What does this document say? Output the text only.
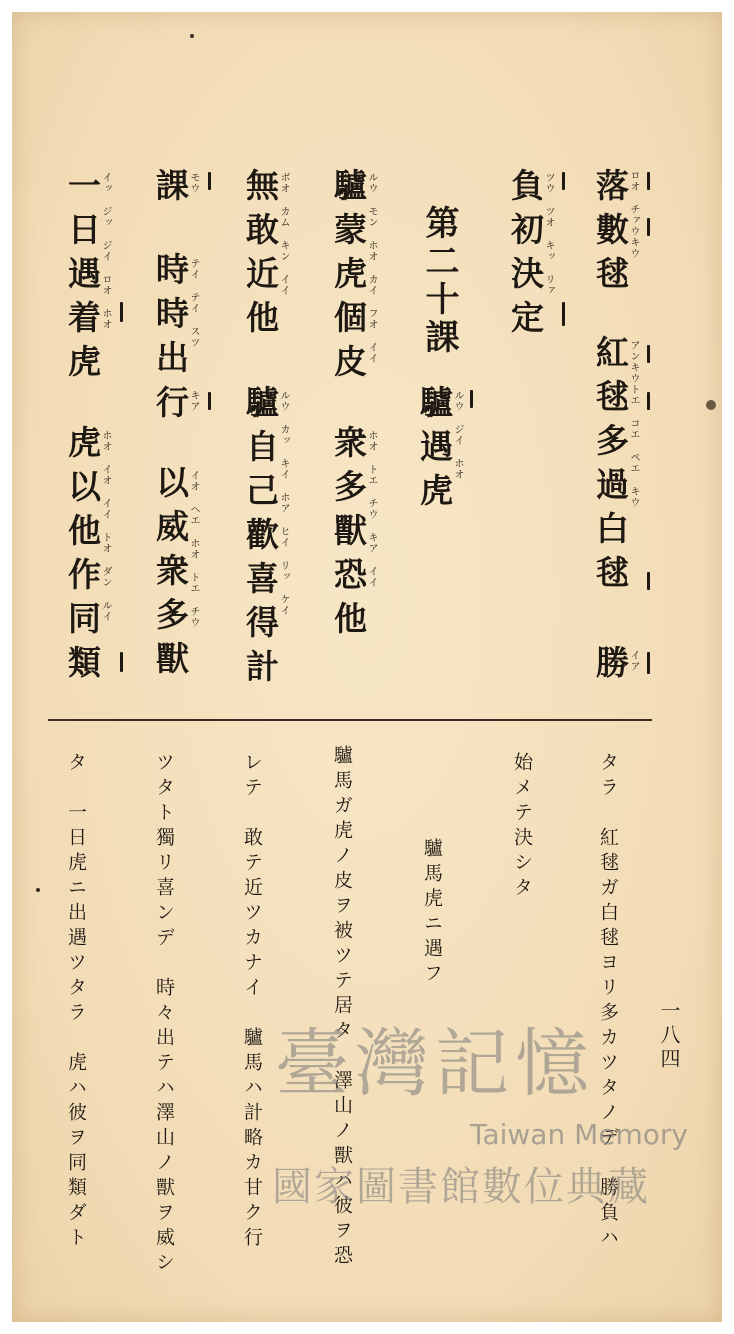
落數毬
紅毬多過白毬
勝
負初決定
第二十課
驢遇虎
驢蒙虎個皮
衆多獸恐他
無敢近他
驢自己歡喜得計
課
時時出
行
以威衆多獸
一日遇着虎
虎以他作同類
ロオ チァウキウ
アンキウトエ コエ ペエ キウ
イア
ツウ ツオ キッ リァ
ルウ モン ホオ カイ フオ イイ
ホオ トエ チウ キア イイ
ボオ カム キン イイ
ルウ カッ キイ ホア ヒイ リッ ケイ
モウ
テイ テイ スツ
キア
イオ ヘエ ホオ トエ チウ
イッ ジッ ジイ ロオ ホオ
ホオ イオ イイ トオ ダン ルイ	ルウ ジイ ホオ
タラ　紅毬ガ白毬ヨリ多カツタノデ　勝負ハ
始メテ決シタ
驢馬虎ニ遇フ
驢馬ガ虎ノ皮ヲ被ツテ居タ　澤山ノ獸ハ彼ヲ恐
レテ　敢テ近ツカナイ　驢馬ハ計略カ甘ク行
ツタト獨リ喜ンデ　時々出テハ澤山ノ獸ヲ威シ
タ　一日虎ニ出遇ツタラ　虎ハ彼ヲ同類ダト	一八四
臺灣記憶
Taiwan Memory
國家圖書館數位典藏
